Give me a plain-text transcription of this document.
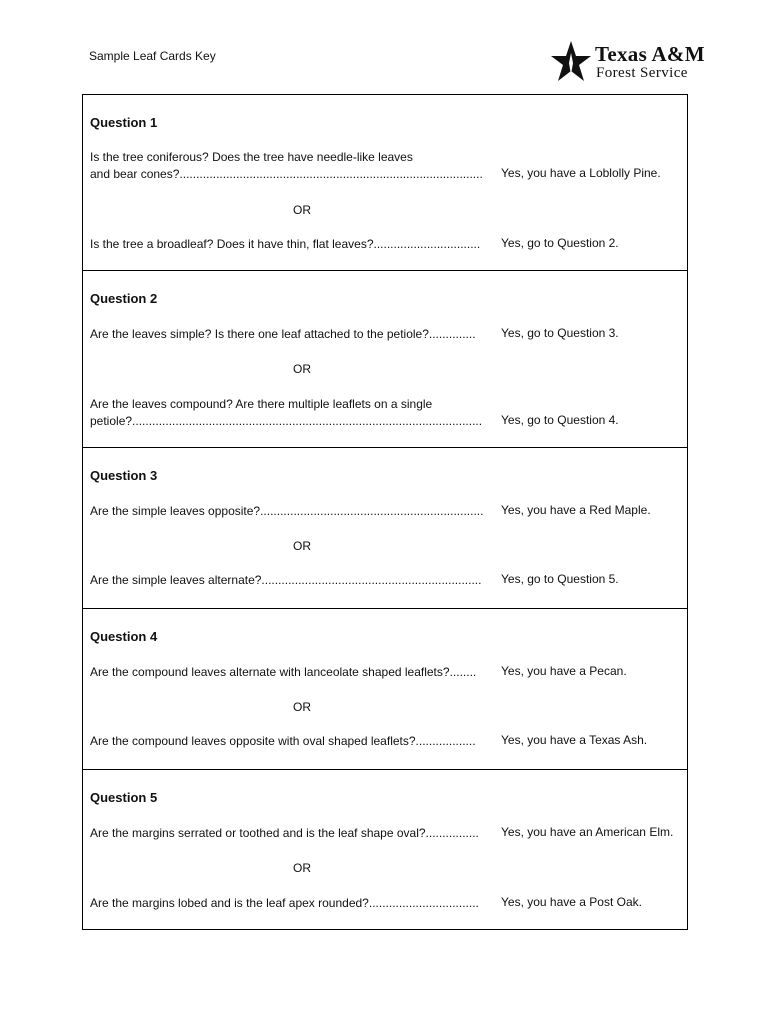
Sample Leaf Cards Key	Texas A&M
Forest Service
Question 1
Is the tree coniferous? Does the tree have needle-like leaves
and bear cones?...........................................................................................	Yes, you have a Loblolly Pine.
OR
Is the tree a broadleaf? Does it have thin, flat leaves?................................	Yes, go to Question 2.
Question 2
Are the leaves simple? Is there one leaf attached to the petiole?..............	Yes, go to Question 3.
OR
Are the leaves compound? Are there multiple leaflets on a single
petiole?.........................................................................................................	Yes, go to Question 4.
Question 3
Are the simple leaves opposite?...................................................................	Yes, you have a Red Maple.
OR
Are the simple leaves alternate?..................................................................	Yes, go to Question 5.
Question 4
Are the compound leaves alternate with lanceolate shaped leaflets?........	Yes, you have a Pecan.
OR
Are the compound leaves opposite with oval shaped leaflets?..................	Yes, you have a Texas Ash.
Question 5
Are the margins serrated or toothed and is the leaf shape oval?................	Yes, you have an American Elm.
OR
Are the margins lobed and is the leaf apex rounded?.................................	Yes, you have a Post Oak.
